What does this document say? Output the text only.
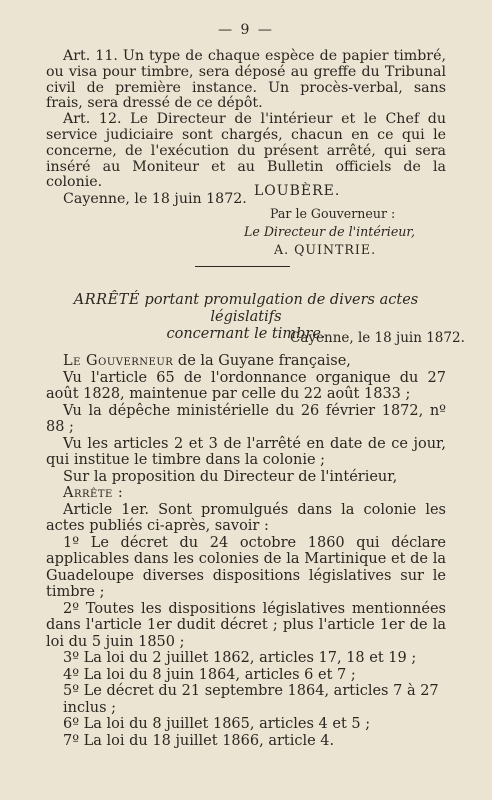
— 9 —

Art. 11. Un type de chaque espèce de papier timbré, ou visa pour timbre, sera déposé au greffe du Tribunal civil de première instance. Un procès-verbal, sans frais, sera dressé de ce dépôt.

Art. 12. Le Directeur de l'intérieur et le Chef du service judiciaire sont chargés, chacun en ce qui le concerne, de l'exécution du présent arrêté, qui sera inséré au Moniteur et au Bulletin officiels de la colonie.

Cayenne, le 18 juin 1872.

LOUBÈRE.
Par le Gouverneur :
Le Directeur de l'intérieur,
A. QUINTRIE.
ARRÊTÉ portant promulgation de divers actes législatifs
concernant le timbre.
Cayenne, le 18 juin 1872.

Le Gouverneur de la Guyane française,

Vu l'article 65 de l'ordonnance organique du 27 août 1828, maintenue par celle du 22 août 1833 ;

Vu la dépêche ministérielle du 26 février 1872, nº 88 ;

Vu les articles 2 et 3 de l'arrêté en date de ce jour, qui institue le timbre dans la colonie ;

Sur la proposition du Directeur de l'intérieur,

Arrête :

Article 1er. Sont promulgués dans la colonie les actes publiés ci-après, savoir :

1º Le décret du 24 octobre 1860 qui déclare applicables dans les colonies de la Martinique et de la Guadeloupe diverses dispositions législatives sur le timbre ;

2º Toutes les dispositions législatives mentionnées dans l'article 1er dudit décret ; plus l'article 1er de la loi du 5 juin 1850 ;

3º La loi du 2 juillet 1862, articles 17, 18 et 19 ;

4º La loi du 8 juin 1864, articles 6 et 7 ;

5º Le décret du 21 septembre 1864, articles 7 à 27 inclus ;

6º La loi du 8 juillet 1865, articles 4 et 5 ;

7º La loi du 18 juillet 1866, article 4.
